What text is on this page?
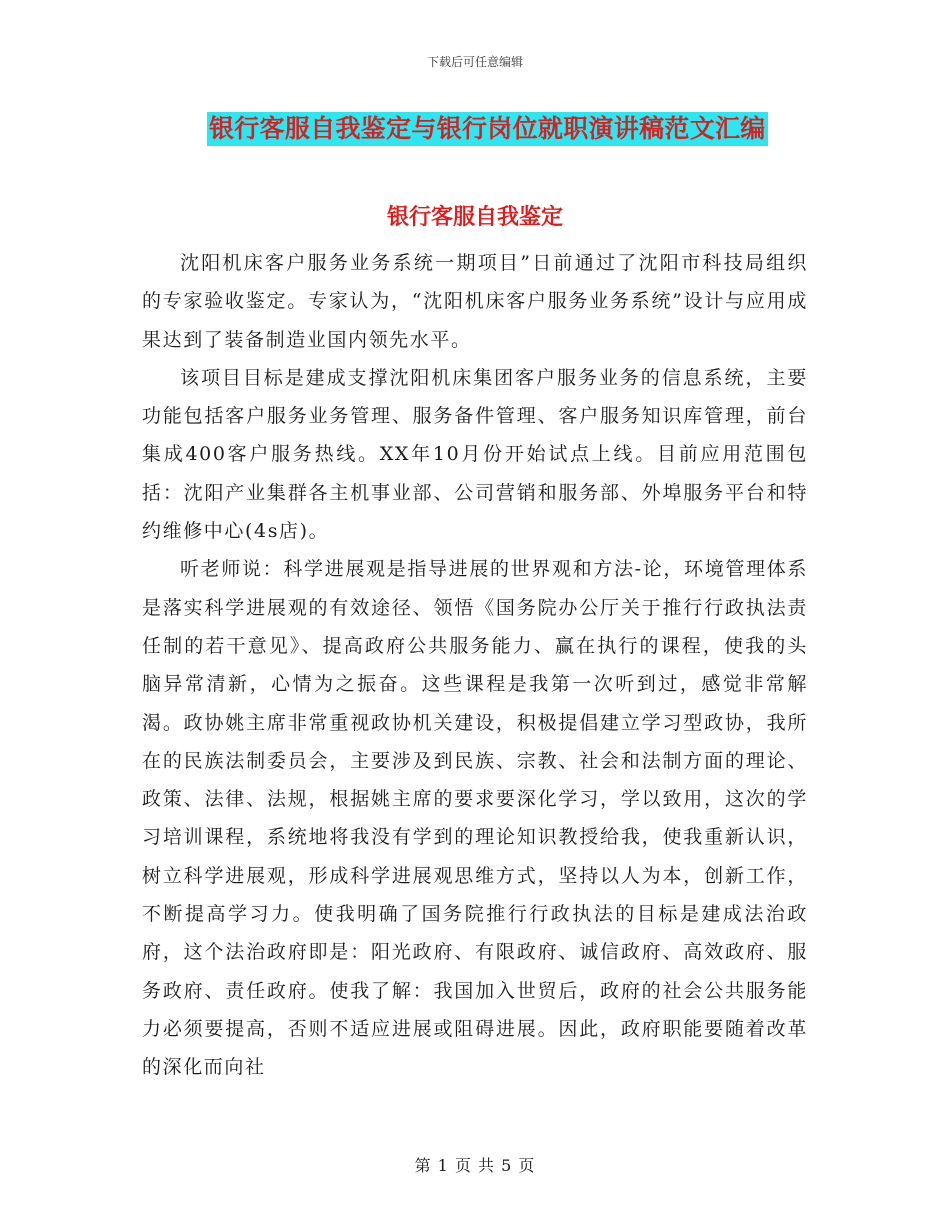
下载后可任意编辑
银行客服自我鉴定与银行岗位就职演讲稿范文汇编
银行客服自我鉴定

沈阳机床客户服务业务系统一期项目”日前通过了沈阳市科技局组织的专家验收鉴定。专家认为，“沈阳机床客户服务业务系统”设计与应用成果达到了装备制造业国内领先水平。

该项目目标是建成支撑沈阳机床集团客户服务业务的信息系统，主要功能包括客户服务业务管理、服务备件管理、客户服务知识库管理，前台集成400客户服务热线。XX年10月份开始试点上线。目前应用范围包括：沈阳产业集群各主机事业部、公司营销和服务部、外埠服务平台和特约维修中心(4s店)。

听老师说：科学进展观是指导进展的世界观和方法-论，环境管理体系是落实科学进展观的有效途径、领悟《国务院办公厅关于推行行政执法责任制的若干意见》、提高政府公共服务能力、赢在执行的课程，使我的头脑异常清新，心情为之振奋。这些课程是我第一次听到过，感觉非常解渴。政协姚主席非常重视政协机关建设，积极提倡建立学习型政协，我所在的民族法制委员会，主要涉及到民族、宗教、社会和法制方面的理论、政策、法律、法规，根据姚主席的要求要深化学习，学以致用，这次的学习培训课程，系统地将我没有学到的理论知识教授给我，使我重新认识，树立科学进展观，形成科学进展观思维方式，坚持以人为本，创新工作，不断提高学习力。使我明确了国务院推行行政执法的目标是建成法治政府，这个法治政府即是：阳光政府、有限政府、诚信政府、高效政府、服务政府、责任政府。使我了解：我国加入世贸后，政府的社会公共服务能力必须要提高，否则不适应进展或阻碍进展。因此，政府职能要随着改革的深化而向社

第 1 页 共 5 页
